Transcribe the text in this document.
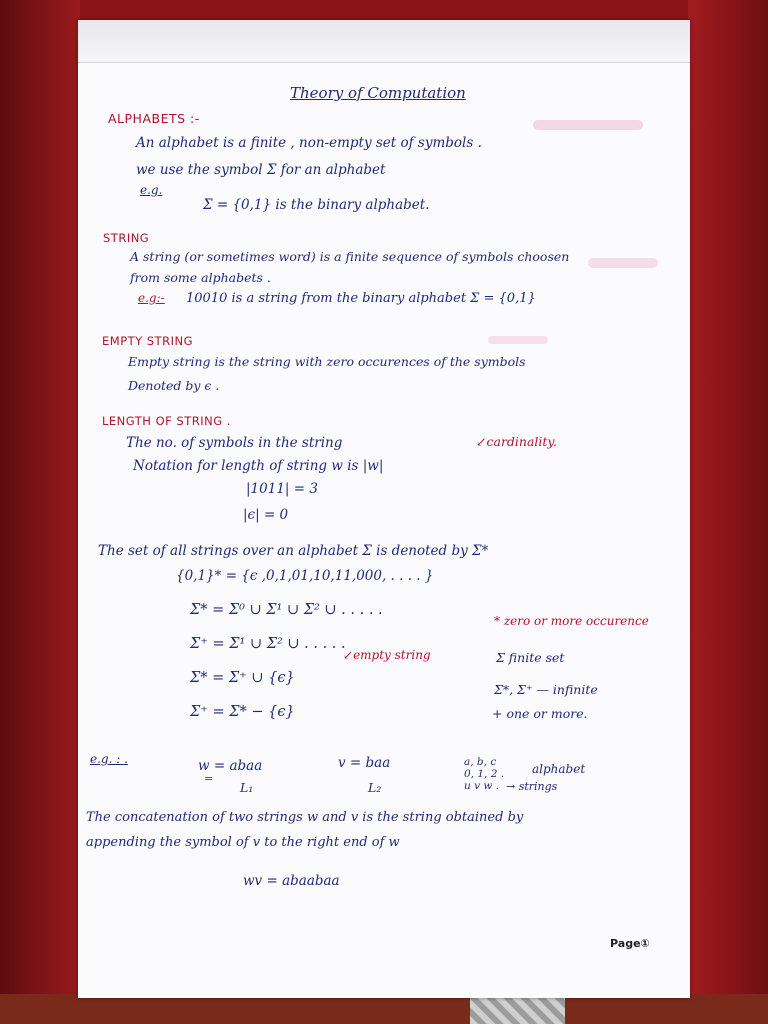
Theory of Computation
ALPHABETS :-
An alphabet is a finite , non-empty set of symbols .
we use the symbol Σ for an alphabet
e.g.
Σ = {0,1} is the binary alphabet.
STRING
A string (or sometimes word) is a finite sequence of symbols choosen
from some alphabets .
e.g:- 10010 is a string from the binary alphabet Σ = {0,1}
EMPTY STRING
Empty string is the string with zero occurences of the symbols
Denoted by ϵ .
LENGTH OF STRING .
The no. of symbols in the string
Notation for length of string w is |w|
↙cardinality.
|1011| = 3
|ϵ| = 0
The set of all strings over an alphabet Σ is denoted by Σ*
{0,1}* = {ϵ ,0,1,01,10,11,000, . . . . }
Σ* = Σ⁰ ∪ Σ¹ ∪ Σ² ∪ . . . . .
Σ⁺ = Σ¹ ∪ Σ² ∪ . . . . .
Σ* = Σ⁺ ∪ {ϵ}
↙empty string
Σ⁺ = Σ* − {ϵ}
* zero or more occurence
Σ finite set
Σ*, Σ⁺ — infinite
+ one or more.
e.g. : .	w = abaa
=
v = baa
L₁	L₂
a, b, c
0, 1, 2 .
u v w .
alphabet
→ strings
The concatenation of two strings w and v is the string obtained by
appending the symbol of v to the right end of w
wv = abaabaa
Page①
